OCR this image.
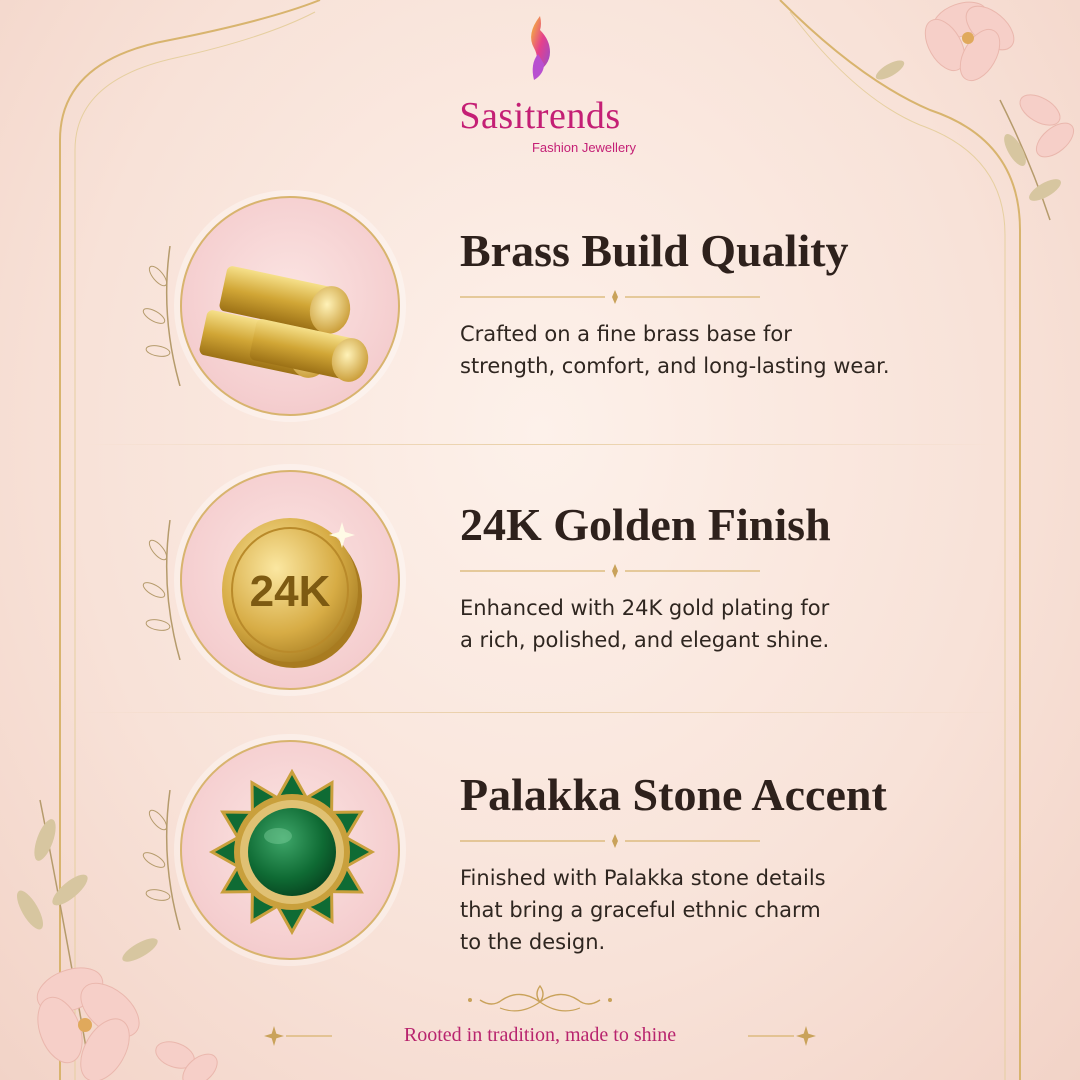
Sasitrends
Fashion Jewellery
Brass Build Quality
Crafted on a fine brass base for
strength, comfort, and long-lasting wear.
24K
24K Golden Finish
Enhanced with 24K gold plating for
a rich, polished, and elegant shine.
Palakka Stone Accent
Finished with Palakka stone details
that bring a graceful ethnic charm
to the design.
Rooted in tradition, made to shine
